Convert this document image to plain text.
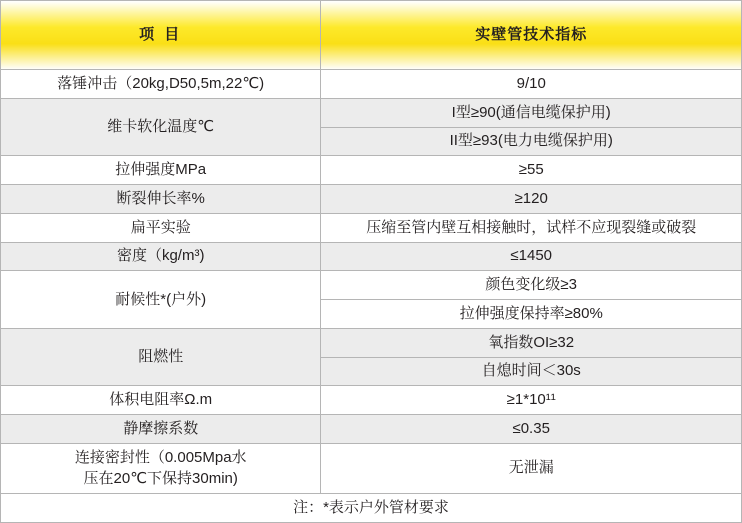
项 目	实壁管技术指标
落锤冲击（20kg,D50,5m,22℃)	9/10
维卡软化温度℃	I型≥90(通信电缆保护用)
	II型≥93(电力电缆保护用)
拉伸强度MPa	≥55
断裂伸长率%	≥120
扁平实验	压缩至管内壁互相接触时，试样不应现裂缝或破裂
密度（kg/m³)	≤1450
耐候性*(户外)	颜色变化级≥3
	拉伸强度保持率≥80%
阻燃性	氧指数OI≥32
	自熄时间＜30s
体积电阻率Ω.m	≥1*10¹¹
静摩擦系数	≤0.35
连接密封性（0.005Mpa水
压在20℃下保持30min)	无泄漏
注：*表示户外管材要求	
